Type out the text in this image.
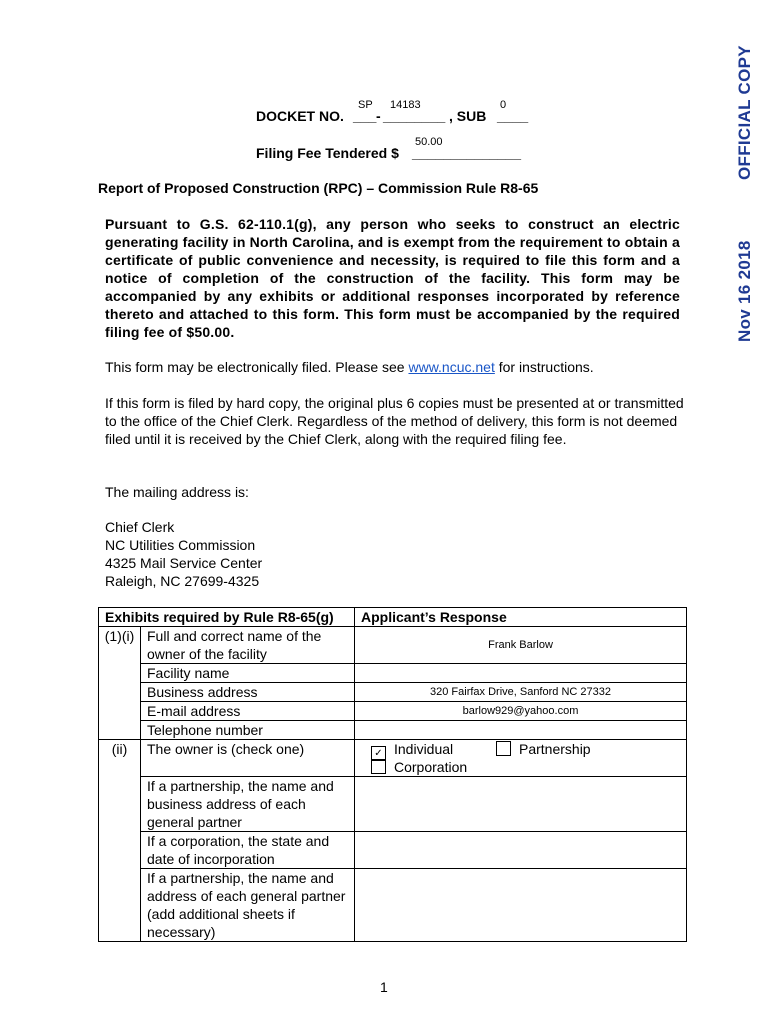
OFFICIAL COPY
Nov 16 2018
DOCKET NO. ___
SP
- ________
14183
, SUB ____
0
Filing Fee Tendered $ ______________
50.00
Report of Proposed Construction (RPC) – Commission Rule R8-65
Pursuant to G.S. 62-110.1(g), any person who seeks to construct an electric generating facility in North Carolina, and is exempt from the requirement to obtain a certificate of public convenience and necessity, is required to file this form and a notice of completion of the construction of the facility. This form may be accompanied by any exhibits or additional responses incorporated by reference thereto and attached to this form. This form must be accompanied by the required filing fee of $50.00.
This form may be electronically filed. Please see www.ncuc.net for instructions.
If this form is filed by hard copy, the original plus 6 copies must be presented at or transmitted to the office of the Chief Clerk. Regardless of the method of delivery, this form is not deemed filed until it is received by the Chief Clerk, along with the required filing fee.
The mailing address is:
Chief Clerk
NC Utilities Commission
4325 Mail Service Center
Raleigh, NC 27699-4325
Exhibits required by Rule R8-65(g)		Applicant’s Response
(1)(i)	Full and correct name of the owner of the facility	Frank Barlow
	Facility name	
	Business address	320 Fairfax Drive, Sanford NC 27332
	E-mail address	barlow929@yahoo.com
	Telephone number	
(ii)	The owner is (check one)	✓ Individual Partnership
Corporation

	If a partnership, the name and business address of each general partner	
	If a corporation, the state and date of incorporation	
	If a partnership, the name and address of each general partner (add additional sheets if necessary)	
1
